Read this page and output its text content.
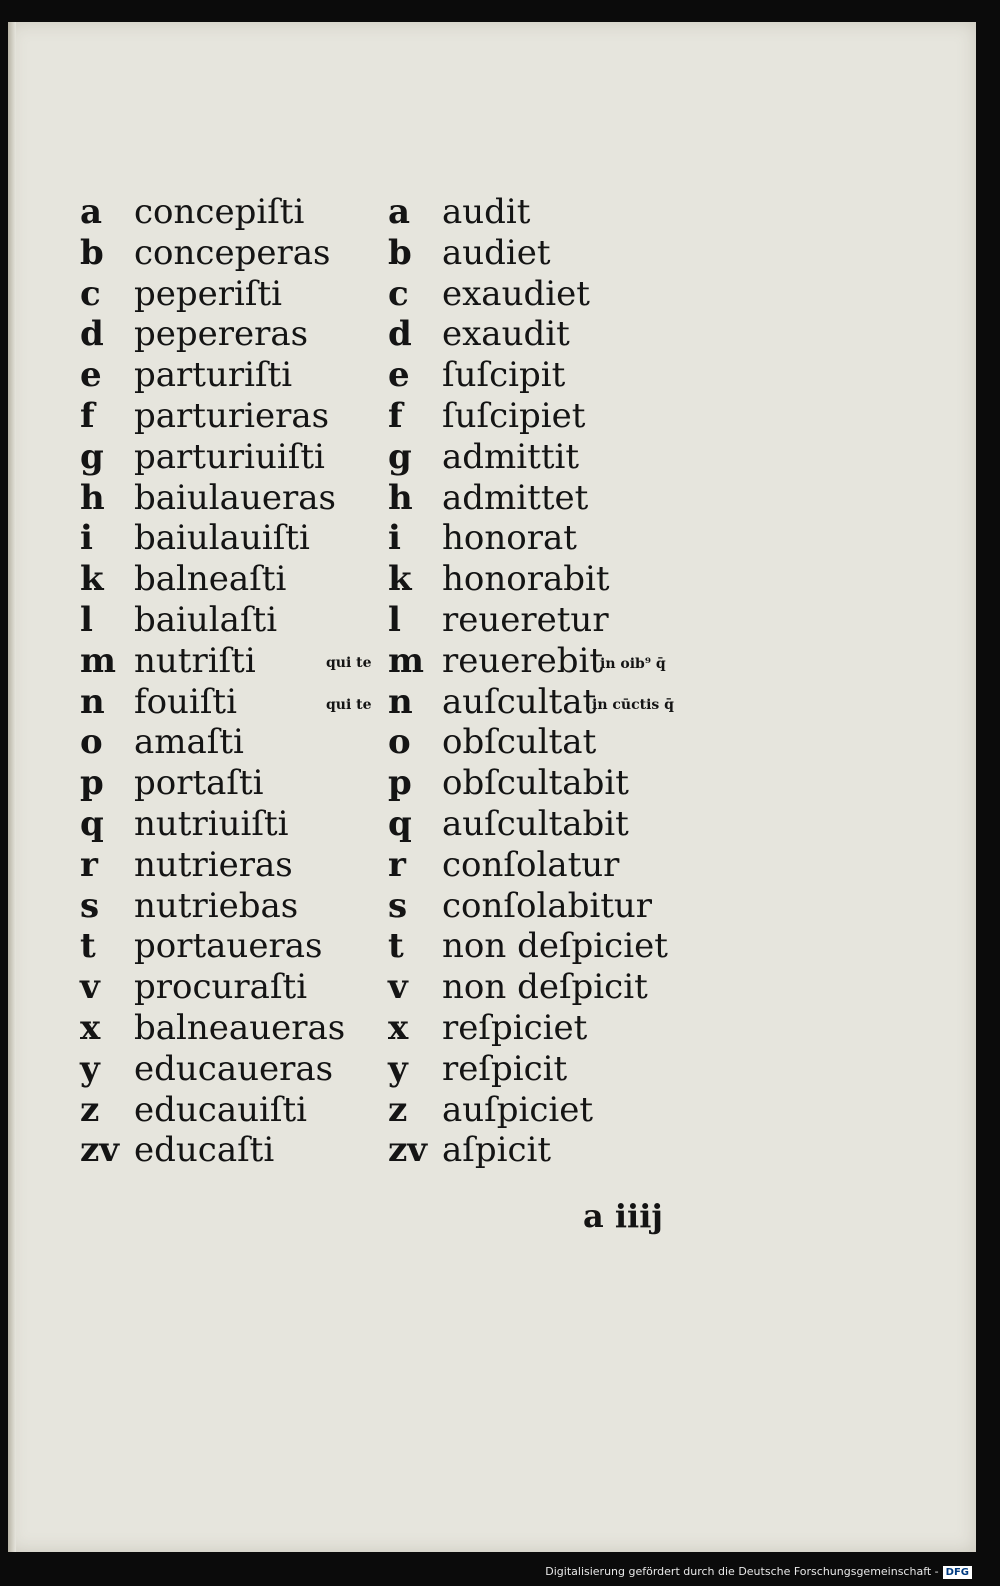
a concepiſti
b conceperas
c peperiſti
d pepereras
e parturiſti
f parturieras
g parturiuiſti
h baiulaueras
i baiulauiſti
k balneaſti
l baiulaſti
m nutriſti
n fouiſti
o amaſti
p portaſti
q nutriuiſti
r nutrieras
s nutriebas
t portaueras
v procuraſti
x balneaueras
y educaueras
z educauiſti
zv educaſti
a audit
b audiet
c exaudiet
d exaudit
e ſuſcipit
f ſuſcipiet
g admittit
h admittet
i honorat
k honorabit
l reueretur
m reuerebit
n auſcultat
o obſcultat
p obſcultabit
q auſcultabit
r conſolatur
s conſolabitur
t non deſpiciet
v non deſpicit
x reſpiciet
y reſpicit
z auſpiciet
zv aſpicit
qui te	in oib⁹ q̄
qui te	in cūctis q̄
a iiij
Digitalisierung gefördert durch die Deutsche Forschungsgemeinschaft - DFG
